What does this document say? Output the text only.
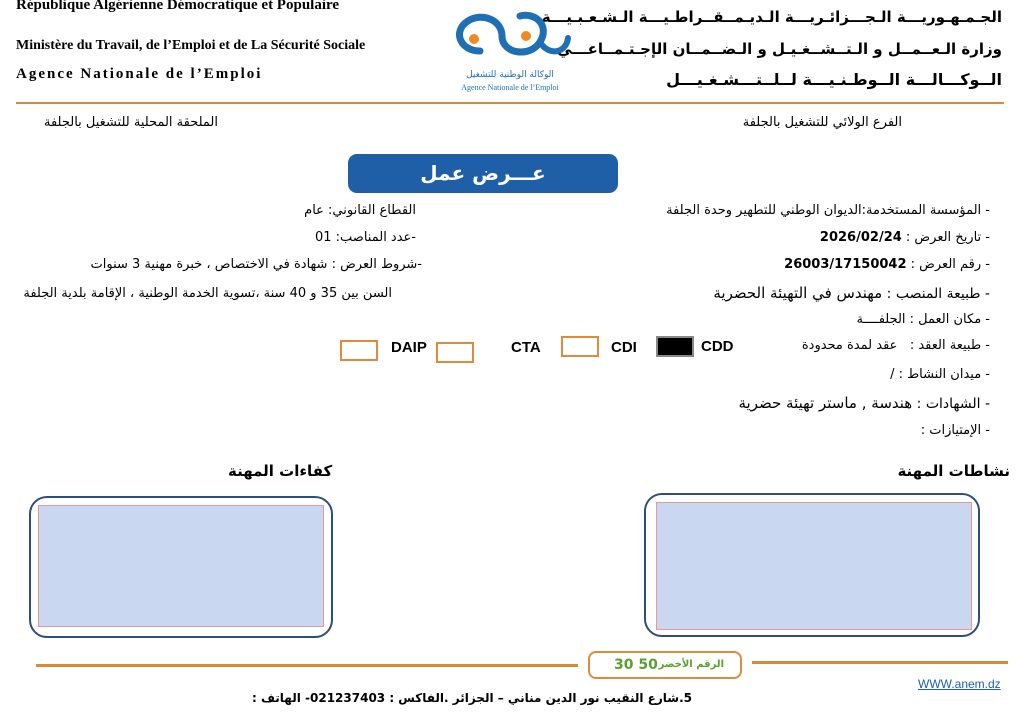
République Algérienne Démocratique et Populaire
Ministère du Travail, de l’Emploi et de La Sécurité Sociale
Agence Nationale de l’Emploi
الجـمـهـوريـــة الـجـــزائـريـــة الـديـمــقــراطـيـــة الـشـعـبـيـــة
وزارة الـعــمــل و الـتــشــغـيـل و الـضــمــان الإجـتـمــاعـــي
الــوكـــالـــة الــوطـنـيـــة لــلــتـــشـغـيـــل
الوكالة الوطنية للتشغيل
Agence Nationale de l’Emploi
الفرع الولائي للتشغيل بالجلفة
الملحقة المحلية للتشغيل بالجلفة
عـــرض عمل
- المؤسسة المستخدمة:الديوان الوطني للتطهير وحدة الجلفة
- تاريخ العرض : 2026/02/24
- رقم العرض : 26003/17150042
- طبيعة المنصب : مهندس في التهيئة الحضرية
- مكان العمل : الجلفــــة
- طبيعة العقد :   عقد لمدة محدودة
- ميدان النشاط : /
- الشهادات : هندسة , ماستر تهيئة حضرية
- الإمتيازات :
القطاع القانوني: عام
-عدد المناصب: 01
-شروط العرض : شهادة في الاختصاص ، خبرة مهنية 3 سنوات
السن بين 35 و 40 سنة ،تسوية الخدمة الوطنية ، الإقامة بلدية الجلفة
CDD
CDI
CTA
DAIP
نشاطات المهنة
كفاءات المهنة
الرقم الأخضر
30 50
WWW.anem.dz
5.شارع النقيب نور الدين مناني – الجزائر .الفاكس : 021237403- الهاتف :
